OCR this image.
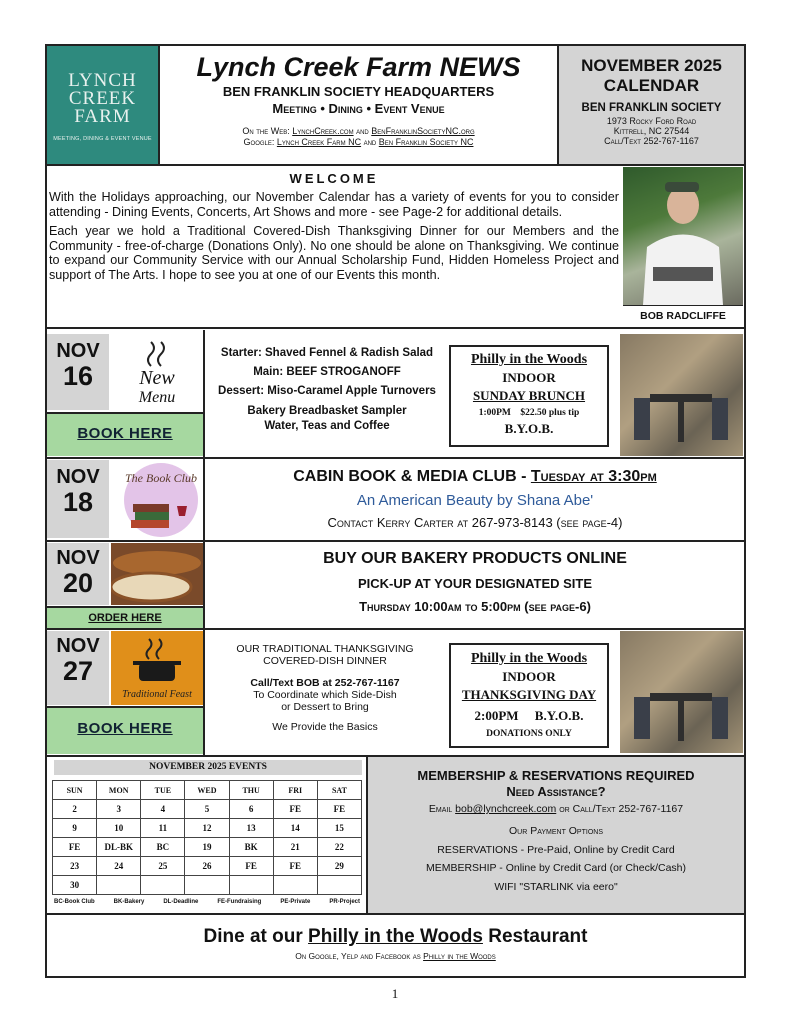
LYNCH
CREEK
FARM
MEETING, DINING & EVENT VENUE
Lynch Creek Farm NEWS
BEN FRANKLIN SOCIETY HEADQUARTERS
Meeting • Dining • Event Venue
On the Web: LynchCreek.com and BenFranklinSocietyNC.org
Google: Lynch Creek Farm NC and Ben Franklin Society NC
NOVEMBER 2025
CALENDAR
BEN FRANKLIN SOCIETY
1973 Rocky Ford Road
Kittrell, NC 27544
Call/Text 252-767-1167
WELCOME
With the Holidays approaching, our November Calendar has a variety of events for you to consider attending - Dining Events, Concerts, Art Shows and more - see Page-2 for additional details.
Each year we hold a Traditional Covered-Dish Thanksgiving Dinner for our Members and the Community - free-of-charge (Donations Only). No one should be alone on Thanksgiving. We continue to expand our Community Service with our Annual Scholarship Fund, Hidden Homeless Project and support of The Arts. I hope to see you at one of our Events this month.
BOB RADCLIFFE
NOV
16	New
Menu
BOOK HERE
Starter: Shaved Fennel & Radish Salad
Main: BEEF STROGANOFF
Dessert: Miso-Caramel Apple Turnovers
Bakery Breadbasket Sampler
Water, Teas and Coffee
Philly in the Woods
INDOOR
SUNDAY BRUNCH
1:00PM    $22.50 plus tip
B.Y.O.B.
NOV
18
The Book Club	CABIN BOOK & MEDIA CLUB - Tuesday at 3:30pm
An American Beauty by Shana Abe'
Contact Kerry Carter at 267-973-8143 (see page-4)
NOV
20
ORDER HERE
BUY OUR BAKERY PRODUCTS ONLINE
PICK-UP AT YOUR DESIGNATED SITE
Thursday 10:00am to 5:00pm (see page-6)
NOV
27
Traditional Feast
BOOK HERE
OUR TRADITIONAL THANKSGIVING
COVERED-DISH DINNER
Call/Text BOB at 252-767-1167
To Coordinate which Side-Dish
or Dessert to Bring
We Provide the Basics
Philly in the Woods
INDOOR
THANKSGIVING DAY
2:00PM     B.Y.O.B.
DONATIONS ONLY
NOVEMBER 2025 EVENTS
SUN	MON	TUE	WED	THU	FRI	SAT
2	3	4	5	6	FE	FE
9	10	11	12	13	14	15
FE	DL-BK	BC	19	BK	21	22
23	24	25	26	FE	FE	29
30						
BC-Book Club	BK-Bakery	DL-Deadline	FE-Fundraising	PE-Private	PR-Project
MEMBERSHIP & RESERVATIONS REQUIRED
Need Assistance?
Email bob@lynchcreek.com or Call/Text 252-767-1167
Our Payment Options
RESERVATIONS - Pre-Paid, Online by Credit Card
MEMBERSHIP - Online by Credit Card (or Check/Cash)
WIFI "STARLINK via eero"
Dine at our Philly in the Woods Restaurant
On Google, Yelp and Facebook as Philly in the Woods
1
